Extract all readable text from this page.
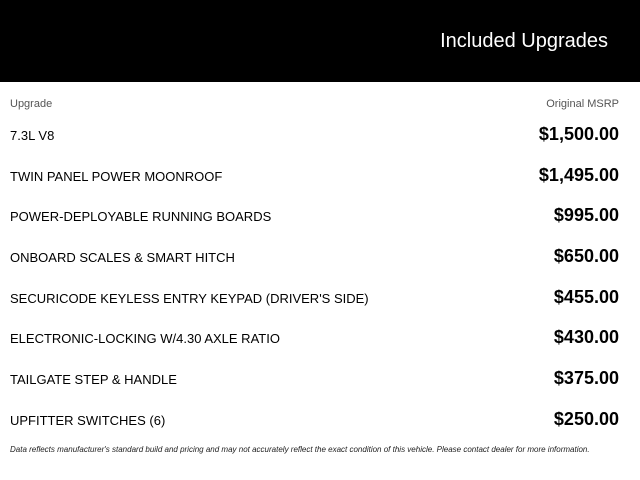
Included Upgrades
Upgrade	Original MSRP
7.3L V8	$1,500.00
TWIN PANEL POWER MOONROOF	$1,495.00
POWER-DEPLOYABLE RUNNING BOARDS	$995.00
ONBOARD SCALES & SMART HITCH	$650.00
SECURICODE KEYLESS ENTRY KEYPAD (DRIVER'S SIDE)	$455.00
ELECTRONIC-LOCKING W/4.30 AXLE RATIO	$430.00
TAILGATE STEP & HANDLE	$375.00
UPFITTER SWITCHES (6)	$250.00
Data reflects manufacturer's standard build and pricing and may not accurately reflect the exact condition of this vehicle. Please contact dealer for more information.
